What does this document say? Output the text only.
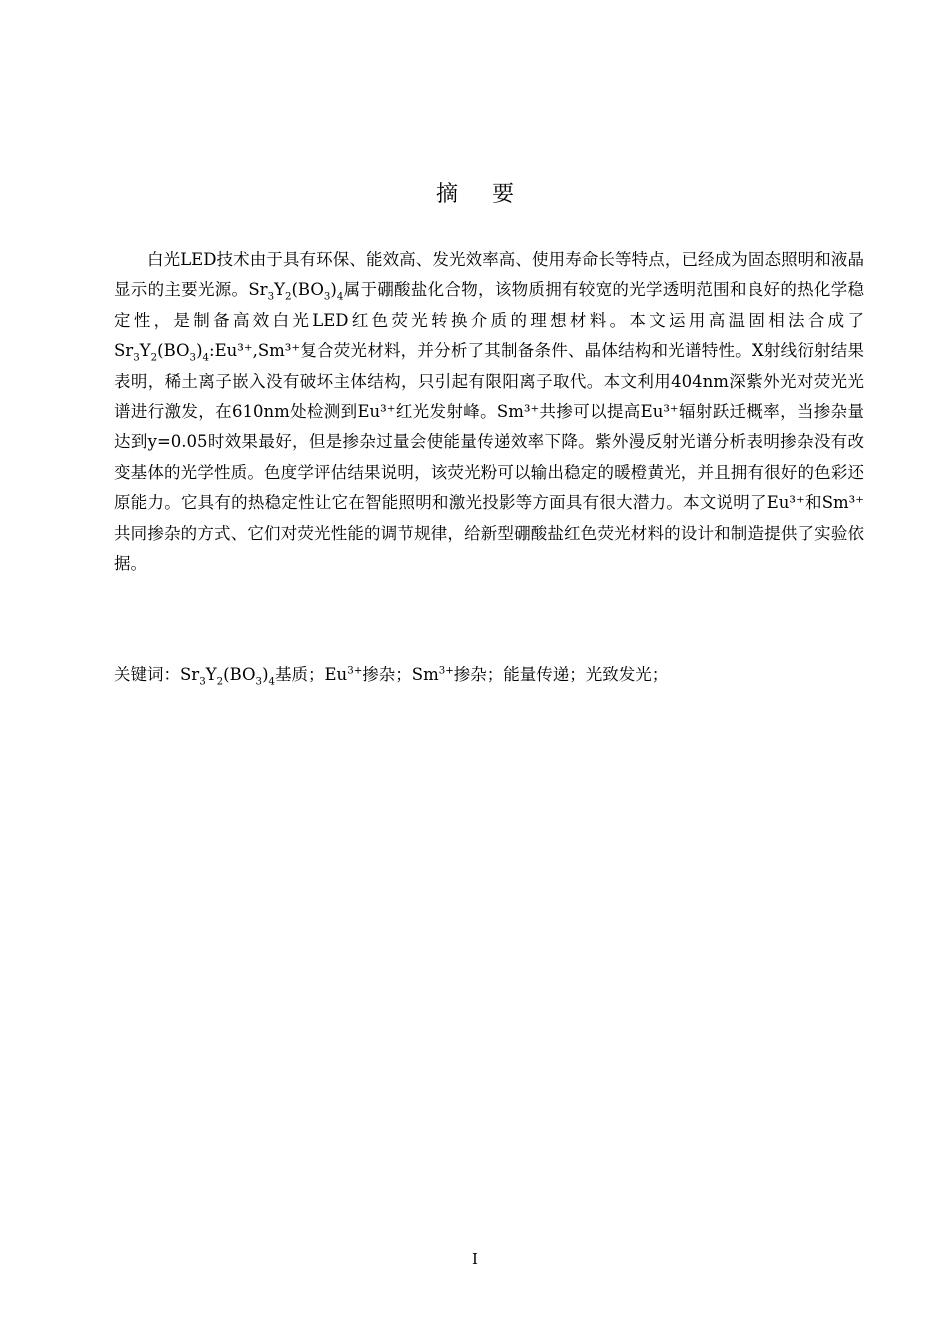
摘要

白光LED技术由于具有环保、能效高、发光效率高、使用寿命长等特点，已经成为固态照明和液晶显示的主要光源。$Sr_3Y_2(BO_3)_4$属于硼酸盐化合物，该物质拥有较宽的光学透明范围和良好的热化学稳定性，是制备高效白光LED红色荧光转换介质的理想材料。本文运用高温固相法合成了$Sr_3Y_2(BO_3)_4:Eu^{3+},Sm^{3+}$复合荧光材料，并分析了其制备条件、晶体结构和光谱特性。X射线衍射结果表明，稀土离子嵌入没有破坏主体结构，只引起有限阳离子取代。本文利用404nm深紫外光对荧光光谱进行激发，在610nm处检测到Eu³⁺红光发射峰。Sm³⁺共掺可以提高Eu³⁺辐射跃迁概率，当掺杂量达到y=0.05时效果最好，但是掺杂过量会使能量传递效率下降。紫外漫反射光谱分析表明掺杂没有改变基体的光学性质。色度学评估结果说明，该荧光粉可以输出稳定的暖橙黄光，并且拥有很好的色彩还原能力。它具有的热稳定性让它在智能照明和激光投影等方面具有很大潜力。本文说明了Eu³⁺和Sm³⁺共同掺杂的方式、它们对荧光性能的调节规律，给新型硼酸盐红色荧光材料的设计和制造提供了实验依据。

关键词：$Sr_3Y_2(BO_3)_4$基质；$Eu^{3+}$掺杂；$Sm^{3+}$掺杂；能量传递；光致发光；

I
